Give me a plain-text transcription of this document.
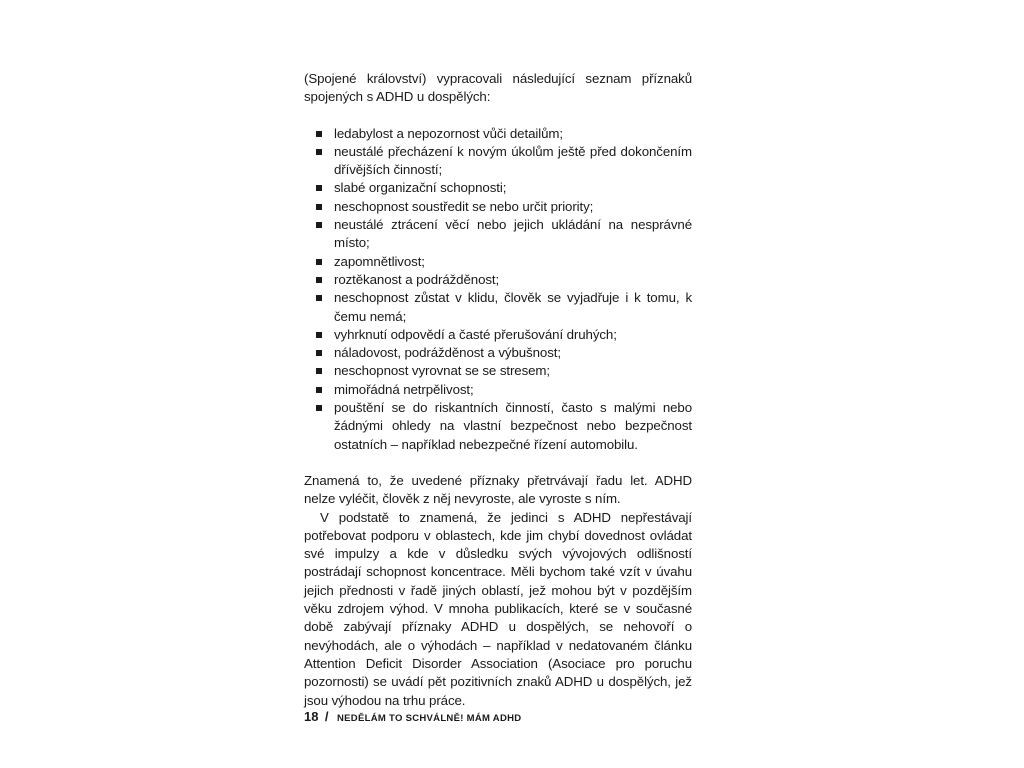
(Spojené království) vypracovali následující seznam příznaků spojených s ADHD u dospělých:

ledabylost a nepozornost vůči detailům;
neustálé přecházení k novým úkolům ještě před dokončením dřívějších činností;
slabé organizační schopnosti;
neschopnost soustředit se nebo určit priority;
neustálé ztrácení věcí nebo jejich ukládání na nesprávné místo;
zapomnětlivost;
roztěkanost a podrážděnost;
neschopnost zůstat v klidu, člověk se vyjadřuje i k tomu, k čemu nemá;
vyhrknutí odpovědí a časté přerušování druhých;
náladovost, podrážděnost a výbušnost;
neschopnost vyrovnat se se stresem;
mimořádná netrpělivost;
pouštění se do riskantních činností, často s malými nebo žádnými ohledy na vlastní bezpečnost nebo bezpečnost ostatních – například nebezpečné řízení automobilu.

Znamená to, že uvedené příznaky přetrvávají řadu let. ADHD nelze vyléčit, člověk z něj nevyroste, ale vyroste s ním.

V podstatě to znamená, že jedinci s ADHD nepřestávají potřebovat podporu v oblastech, kde jim chybí dovednost ovládat své impulzy a kde v důsledku svých vývojových odlišností postrádají schopnost koncentrace. Měli bychom také vzít v úvahu jejich přednosti v řadě jiných oblastí, jež mohou být v pozdějším věku zdrojem výhod. V mnoha publikacích, které se v současné době zabývají příznaky ADHD u dospělých, se nehovoří o nevýhodách, ale o výhodách – například v nedatovaném článku Attention Deficit Disorder Association (Asociace pro poruchu pozornosti) se uvádí pět pozitivních znaků ADHD u dospělých, jež jsou výhodou na trhu práce.

18 / NEDĚLÁM TO SCHVÁLNĚ! MÁM ADHD
